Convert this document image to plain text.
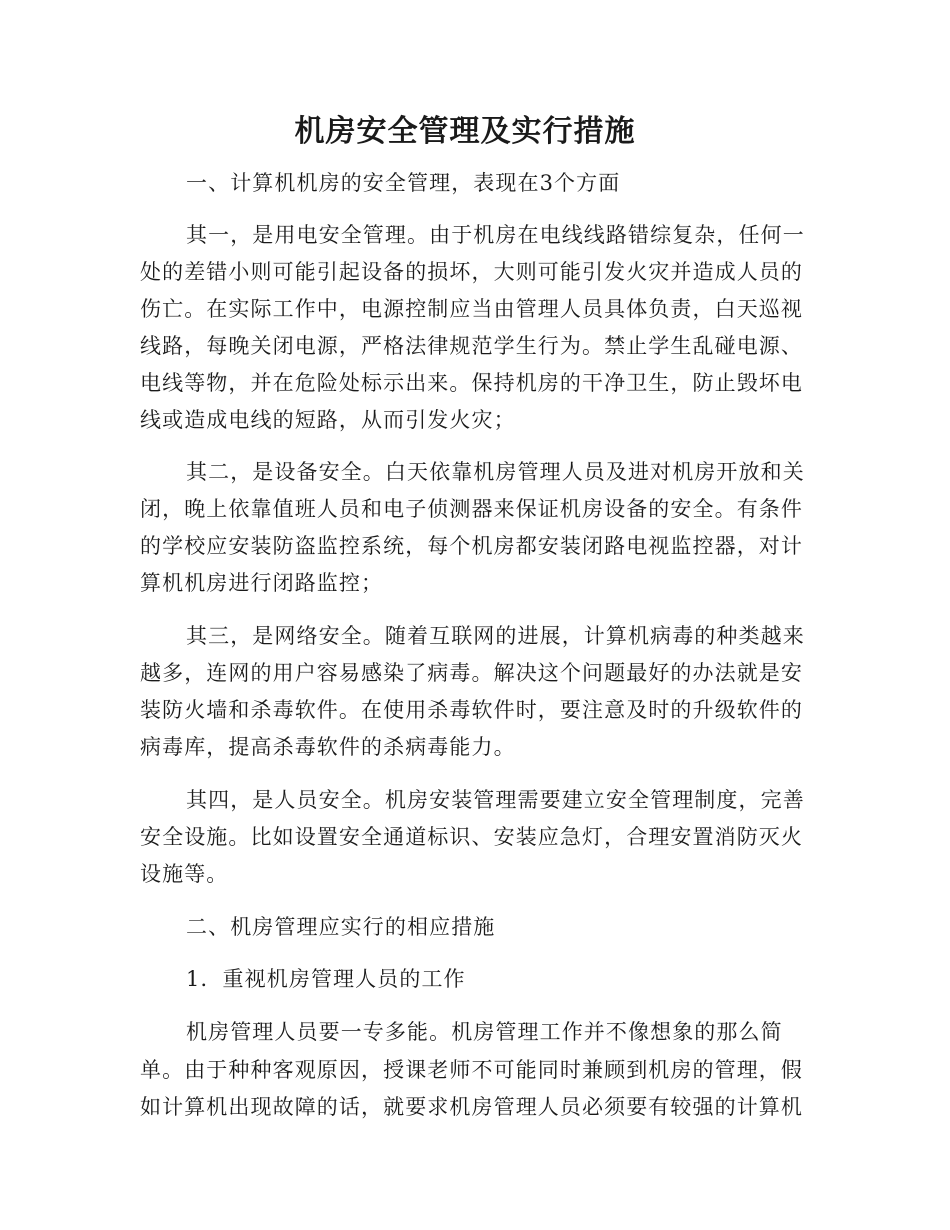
机房安全管理及实行措施

一、计算机机房的安全管理，表现在3个方面

其一，是用电安全管理。由于机房在电线线路错综复杂，任何一

处的差错小则可能引起设备的损坏，大则可能引发火灾并造成人员的

伤亡。在实际工作中，电源控制应当由管理人员具体负责，白天巡视

线路，每晚关闭电源，严格法律规范学生行为。禁止学生乱碰电源、

电线等物，并在危险处标示出来。保持机房的干净卫生，防止毁坏电

线或造成电线的短路，从而引发火灾；

其二，是设备安全。白天依靠机房管理人员及进对机房开放和关

闭，晚上依靠值班人员和电子侦测器来保证机房设备的安全。有条件

的学校应安装防盗监控系统，每个机房都安装闭路电视监控器，对计

算机机房进行闭路监控；

其三，是网络安全。随着互联网的进展，计算机病毒的种类越来

越多，连网的用户容易感染了病毒。解决这个问题最好的办法就是安

装防火墙和杀毒软件。在使用杀毒软件时，要注意及时的升级软件的

病毒库，提高杀毒软件的杀病毒能力。

其四，是人员安全。机房安装管理需要建立安全管理制度，完善

安全设施。比如设置安全通道标识、安装应急灯，合理安置消防灭火

设施等。

二、机房管理应实行的相应措施

1．重视机房管理人员的工作

机房管理人员要一专多能。机房管理工作并不像想象的那么简

单。由于种种客观原因，授课老师不可能同时兼顾到机房的管理，假

如计算机出现故障的话，就要求机房管理人员必须要有较强的计算机
